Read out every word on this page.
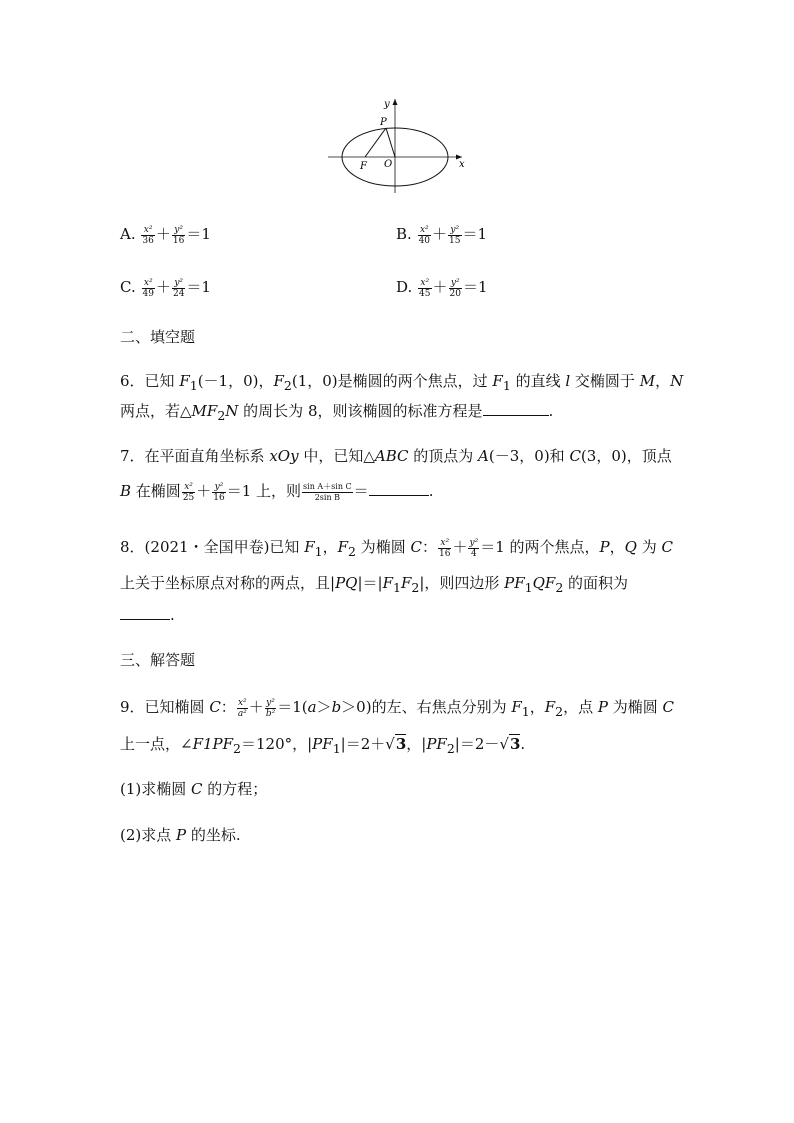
y
x
P
F O
A. $\frac{\text{x²}}{36} + \frac{\text{y²}}{16} =1$	B. $\frac{\text{x²}}{40} + \frac{\text{y²}}{15} =1$
C. $\frac{\text{x²}}{49} + \frac{\text{y²}}{24} =1$	D. $\frac{\text{x²}}{45} + \frac{\text{y²}}{20} =1$
二、填空题
6．已知 $F_1(-1$，0)，$F_2(1$，0)是椭圆的两个焦点，过 $F_1$ 的直线 l 交椭圆于 M，N
两点，若$\triangle MF_2N$ 的周长为 8，则该椭圆的标准方程是	.
7．在平面直角坐标系 xOy 中，已知△ABC 的顶点为 A(－3，0)和 C(3，0)，顶点
B 在椭圆 $\frac{\text{x²}}{25} + \frac{\text{y²}}{16} =1$ 上，则 $\frac{\text{sin A＋sin C}}{\text{2sin B}}$ ＝	.
8．(2021・全国甲卷)已知 $F_1$，$F_2$ 为椭圆 C： $\frac{\text{x²}}{16} + \frac{\text{y²}}{4} =1$ 的两个焦点，P，Q 为 C
上关于坐标原点对称的两点，且$|PQ|=|F_1F_2|$，则四边形 $PF_1QF_2$ 的面积为
.
三、解答题
9．已知椭圆 C： $\frac{\text{x²}}{\text{a²}} + \frac{\text{y²}}{\text{b²}} =1(a>b>0)$的左、右焦点分别为 $F_1$，$F_2$，点 P 为椭圆 C
上一点，$\angle F1PF_2=120^\circ$，$|PF_1|=2+√3$，$|PF_2|=2-√3$.
(1)求椭圆 C 的方程；
(2)求点 P 的坐标.
